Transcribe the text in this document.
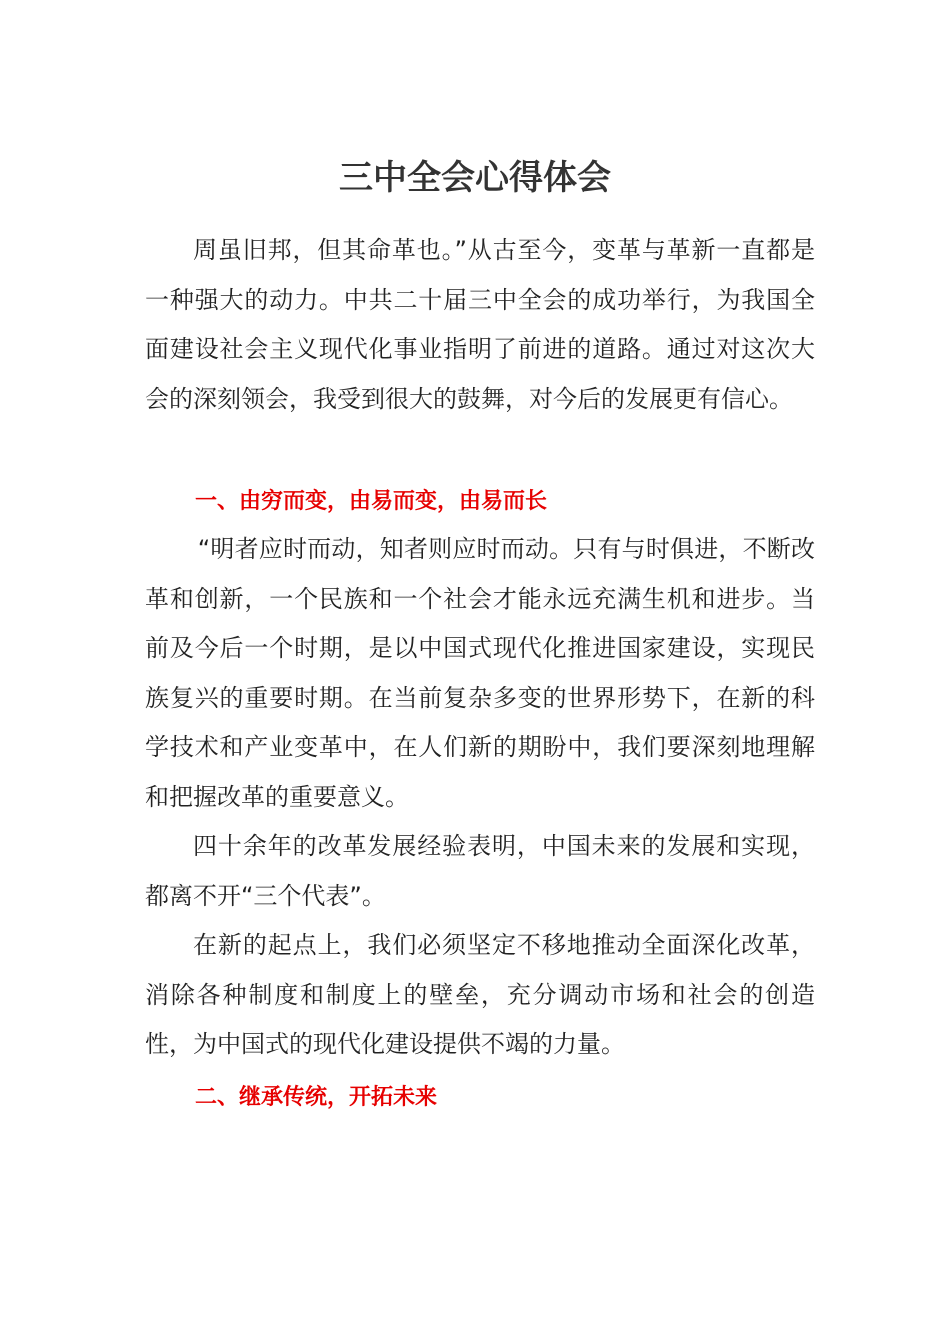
三中全会心得体会

周虽旧邦，但其命革也。”从古至今，变革与革新一直都是一种强大的动力。中共二十届三中全会的成功举行，为我国全面建设社会主义现代化事业指明了前进的道路。通过对这次大会的深刻领会，我受到很大的鼓舞，对今后的发展更有信心。

一、由穷而变，由易而变，由易而长

“明者应时而动，知者则应时而动。只有与时俱进，不断改革和创新，一个民族和一个社会才能永远充满生机和进步。当前及今后一个时期，是以中国式现代化推进国家建设，实现民族复兴的重要时期。在当前复杂多变的世界形势下，在新的科学技术和产业变革中，在人们新的期盼中，我们要深刻地理解和把握改革的重要意义。

四十余年的改革发展经验表明，中国未来的发展和实现，都离不开“三个代表”。

在新的起点上，我们必须坚定不移地推动全面深化改革，消除各种制度和制度上的壁垒，充分调动市场和社会的创造性，为中国式的现代化建设提供不竭的力量。

二、继承传统，开拓未来
